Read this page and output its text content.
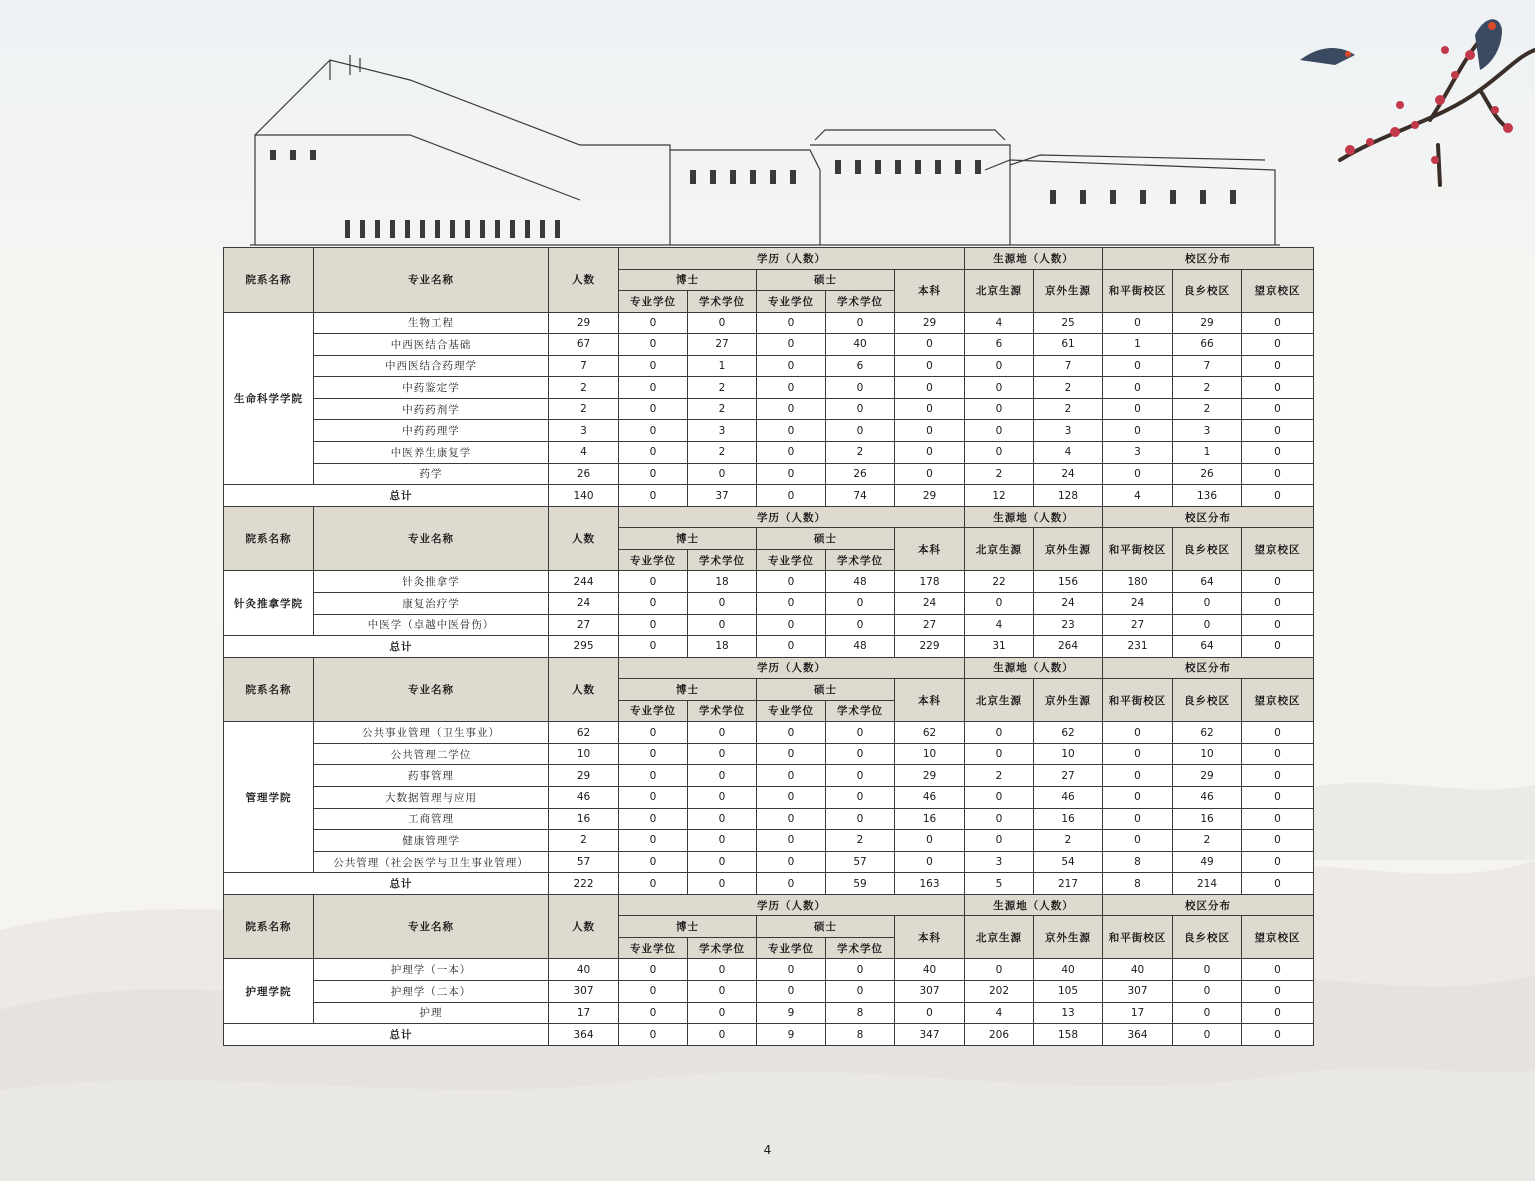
院系名称	专业名称	人数	学历（人数）					生源地（人数）		校区分布		
			博士		硕士		本科	北京生源	京外生源	和平街校区	良乡校区	望京校区
			专业学位	学术学位	专业学位	学术学位						
生命科学学院	生物工程	29	0	0	0	0	29	4	25	0	29	0
	中西医结合基础	67	0	27	0	40	0	6	61	1	66	0
	中西医结合药理学	7	0	1	0	6	0	0	7	0	7	0
	中药鉴定学	2	0	2	0	0	0	0	2	0	2	0
	中药药剂学	2	0	2	0	0	0	0	2	0	2	0
	中药药理学	3	0	3	0	0	0	0	3	0	3	0
	中医养生康复学	4	0	2	0	2	0	0	4	3	1	0
	药学	26	0	0	0	26	0	2	24	0	26	0
总计		140	0	37	0	74	29	12	128	4	136	0
院系名称	专业名称	人数	学历（人数）					生源地（人数）		校区分布		
			博士		硕士		本科	北京生源	京外生源	和平街校区	良乡校区	望京校区
			专业学位	学术学位	专业学位	学术学位						
针灸推拿学院	针灸推拿学	244	0	18	0	48	178	22	156	180	64	0
	康复治疗学	24	0	0	0	0	24	0	24	24	0	0
	中医学（卓越中医骨伤）	27	0	0	0	0	27	4	23	27	0	0
总计		295	0	18	0	48	229	31	264	231	64	0
院系名称	专业名称	人数	学历（人数）					生源地（人数）		校区分布		
			博士		硕士		本科	北京生源	京外生源	和平街校区	良乡校区	望京校区
			专业学位	学术学位	专业学位	学术学位						
管理学院	公共事业管理（卫生事业）	62	0	0	0	0	62	0	62	0	62	0
	公共管理二学位	10	0	0	0	0	10	0	10	0	10	0
	药事管理	29	0	0	0	0	29	2	27	0	29	0
	大数据管理与应用	46	0	0	0	0	46	0	46	0	46	0
	工商管理	16	0	0	0	0	16	0	16	0	16	0
	健康管理学	2	0	0	0	2	0	0	2	0	2	0
	公共管理（社会医学与卫生事业管理）	57	0	0	0	57	0	3	54	8	49	0
总计		222	0	0	0	59	163	5	217	8	214	0
院系名称	专业名称	人数	学历（人数）					生源地（人数）		校区分布		
			博士		硕士		本科	北京生源	京外生源	和平街校区	良乡校区	望京校区
			专业学位	学术学位	专业学位	学术学位						
护理学院	护理学（一本）	40	0	0	0	0	40	0	40	40	0	0
	护理学（二本）	307	0	0	0	0	307	202	105	307	0	0
	护理	17	0	0	9	8	0	4	13	17	0	0
总计		364	0	0	9	8	347	206	158	364	0	0
4
